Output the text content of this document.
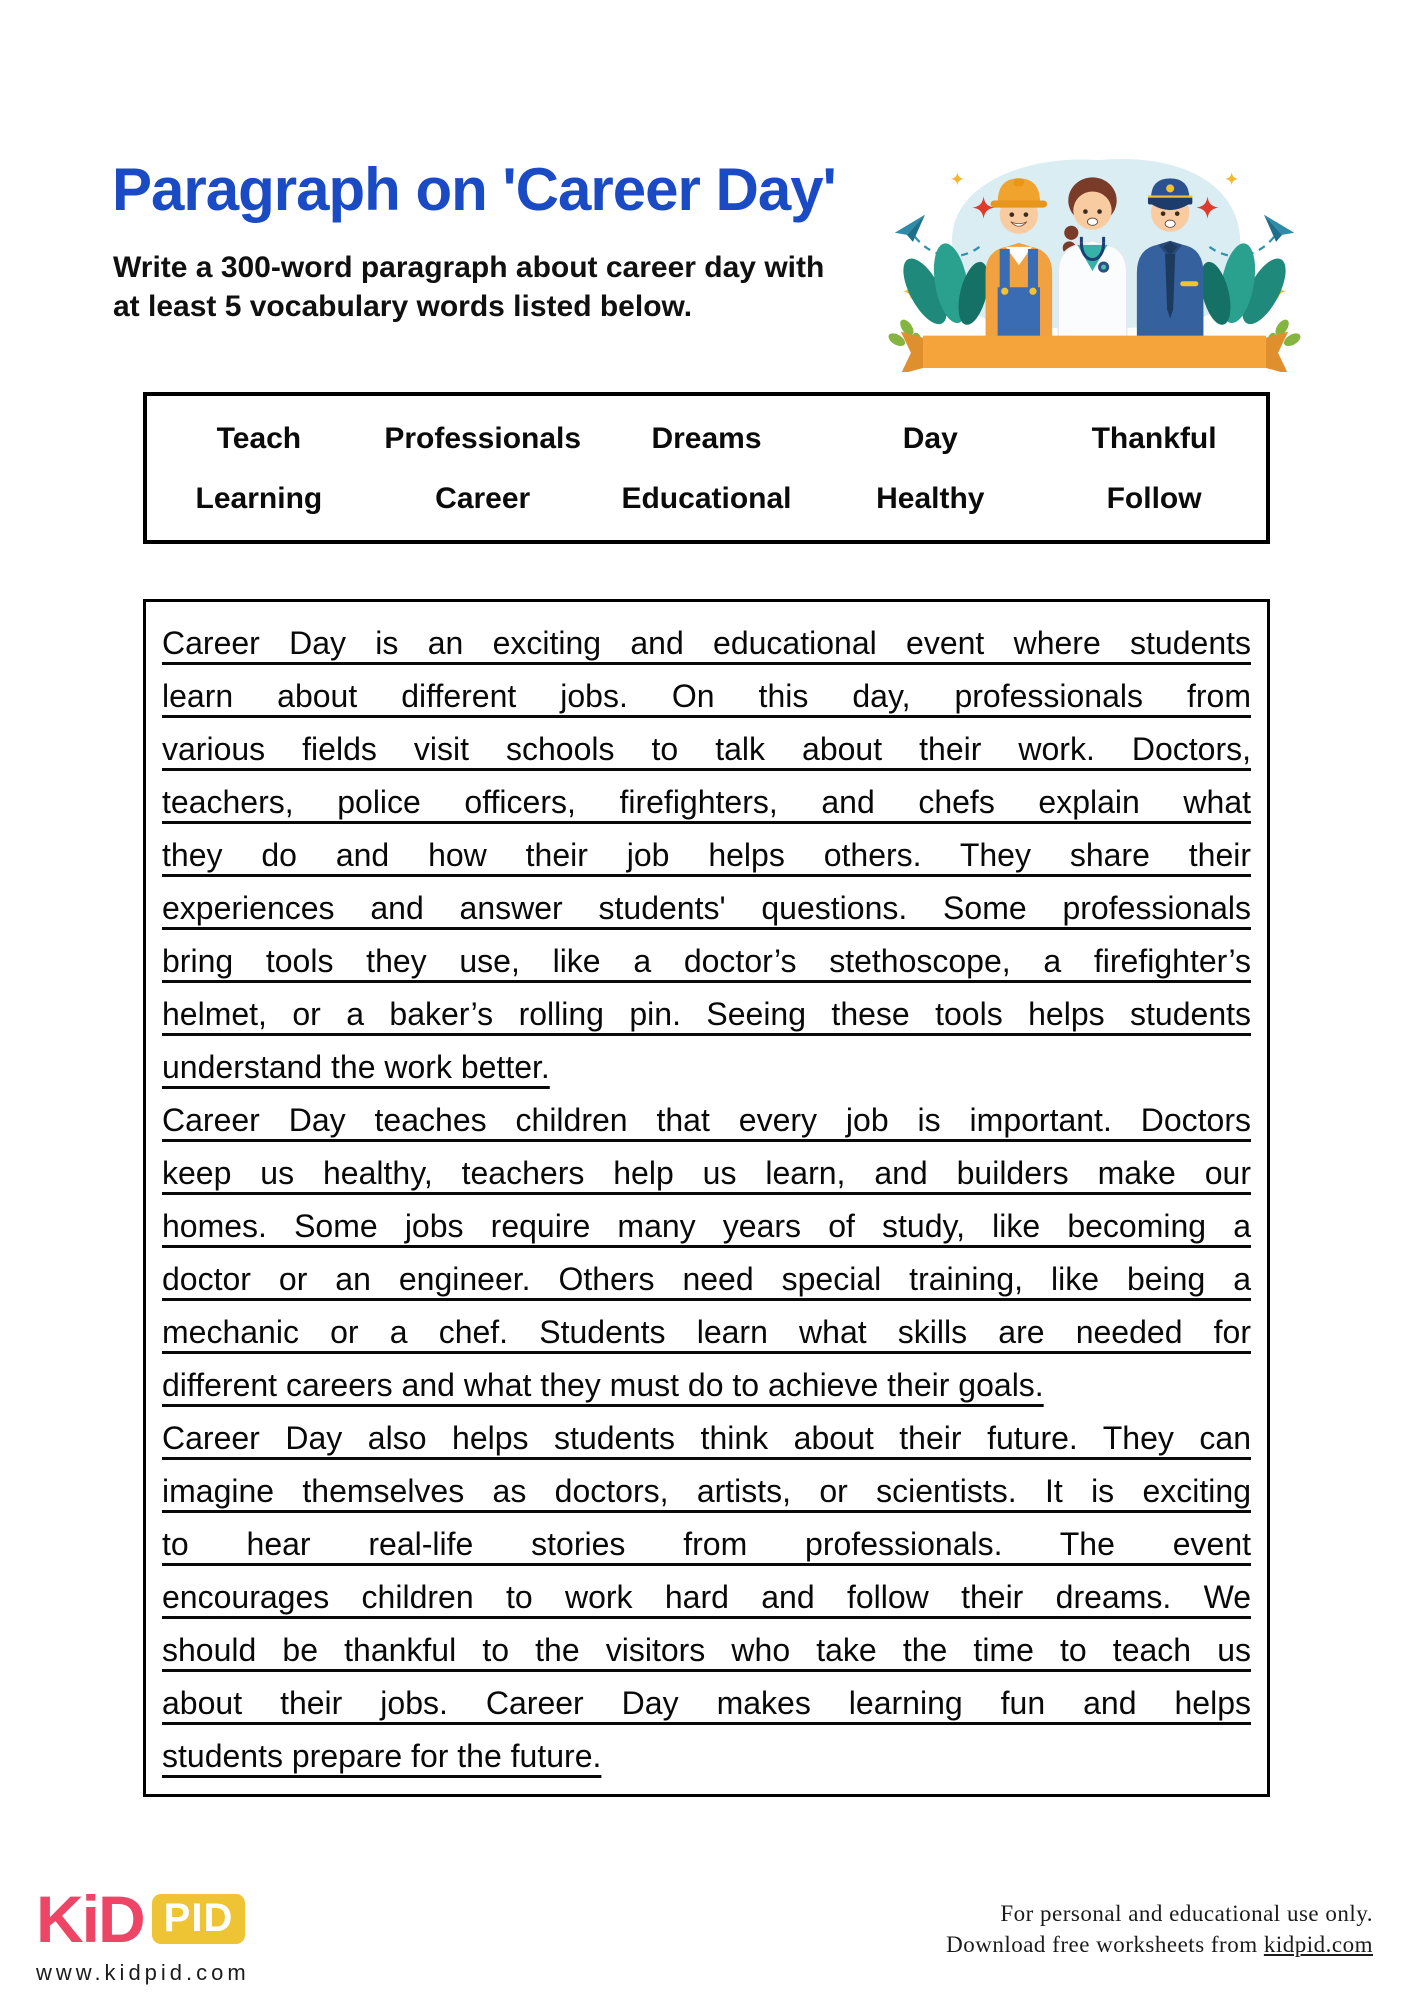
Paragraph on 'Career Day'
Write a 300-word paragraph about career day with
at least 5 vocabulary words listed below.
Teach	Professionals	Dreams	Day	Thankful
Learning	Career	Educational	Healthy	Follow
Career Day is an exciting and educational event where students
learn about different jobs. On this day, professionals from
various fields visit schools to talk about their work. Doctors,
teachers, police officers, firefighters, and chefs explain what
they do and how their job helps others. They share their
experiences and answer students' questions. Some professionals
bring tools they use, like a doctor’s stethoscope, a firefighter’s
helmet, or a baker’s rolling pin. Seeing these tools helps students
understand the work better.
Career Day teaches children that every job is important. Doctors
keep us healthy, teachers help us learn, and builders make our
homes. Some jobs require many years of study, like becoming a
doctor or an engineer. Others need special training, like being a
mechanic or a chef. Students learn what skills are needed for
different careers and what they must do to achieve their goals.
Career Day also helps students think about their future. They can
imagine themselves as doctors, artists, or scientists. It is exciting
to hear real-life stories from professionals. The event
encourages children to work hard and follow their dreams. We
should be thankful to the visitors who take the time to teach us
about their jobs. Career Day makes learning fun and helps
students prepare for the future.
KiD PID
www.kidpid.com
For personal and educational use only.
Download free worksheets from kidpid.com
